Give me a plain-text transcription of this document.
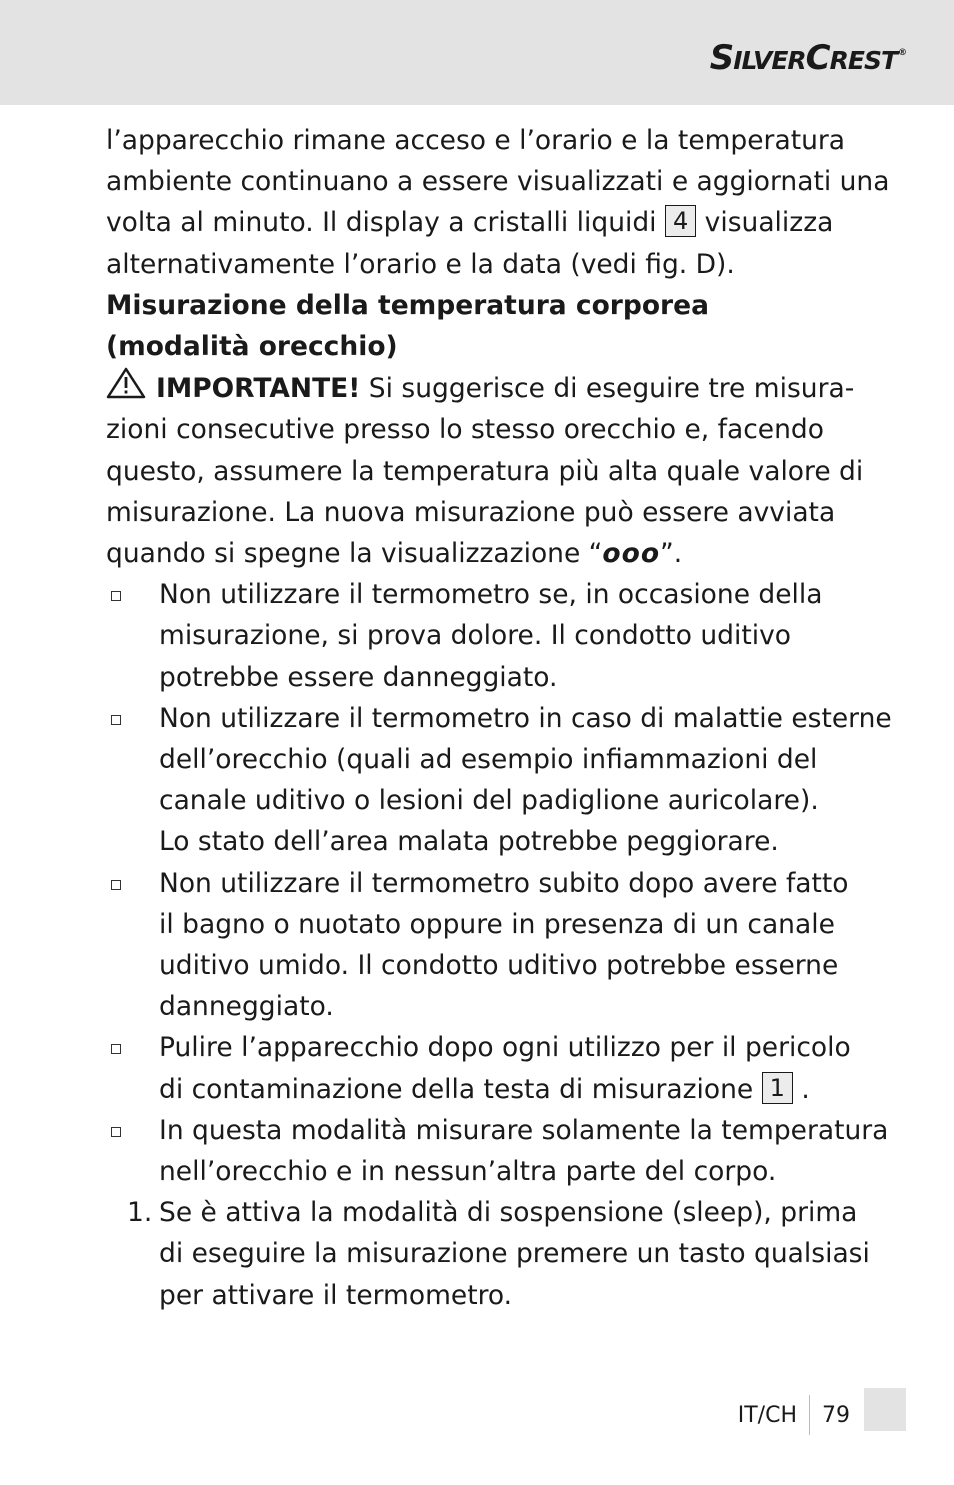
SILVERCREST®

l’apparecchio rimane acceso e l’orario e la temperatura
ambiente continuano a essere visualizzati e aggiornati una
volta al minuto. Il display a cristalli liquidi 4 visualizza
alternativamente l’orario e la data (vedi fig. D).

Misurazione della temperatura corporea
(modalità orecchio)

IMPORTANTE! Si suggerisce di eseguire tre misura-
zioni consecutive presso lo stesso orecchio e, facendo
questo, assumere la temperatura più alta quale valore di
misurazione. La nuova misurazione può essere avviata
quando si spegne la visualizzazione “ooo”.

Non utilizzare il termometro se, in occasione della
misurazione, si prova dolore. Il condotto uditivo
potrebbe essere danneggiato.
Non utilizzare il termometro in caso di malattie esterne
dell’orecchio (quali ad esempio infiammazioni del
canale uditivo o lesioni del padiglione auricolare).
Lo stato dell’area malata potrebbe peggiorare.
Non utilizzare il termometro subito dopo avere fatto
il bagno o nuotato oppure in presenza di un canale
uditivo umido. Il condotto uditivo potrebbe esserne
danneggiato.
Pulire l’apparecchio dopo ogni utilizzo per il pericolo
di contaminazione della testa di misurazione 1 .
In questa modalità misurare solamente la temperatura
nell’orecchio e in nessun’altra parte del corpo.
1. Se è attiva la modalità di sospensione (sleep), prima
di eseguire la misurazione premere un tasto qualsiasi
per attivare il termometro.
IT/CH	79
